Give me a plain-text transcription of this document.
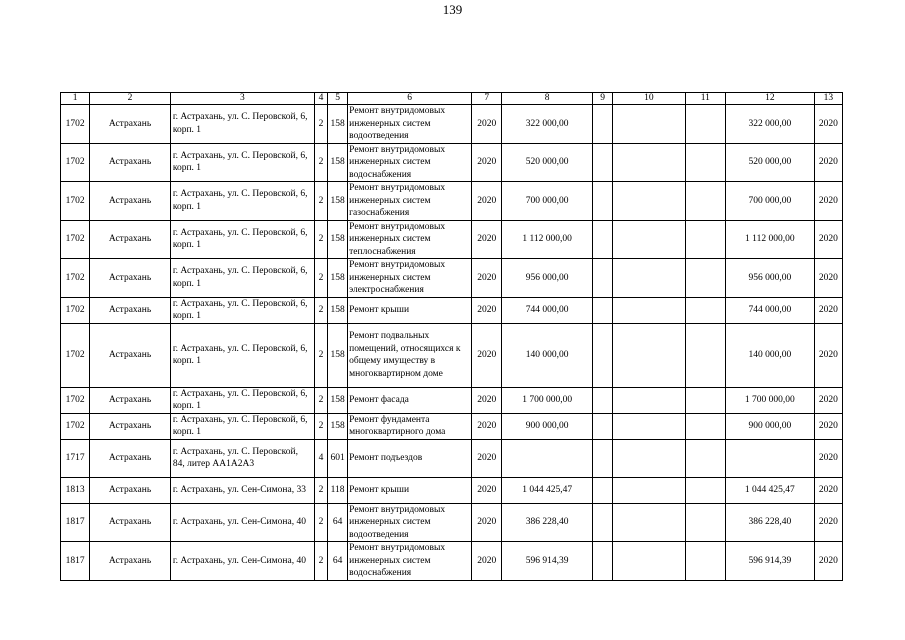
139
1	2	3	4	5	6	7	8	9	10	11	12	13
1702	Астрахань	г. Астрахань, ул. С. Перовской, 6, корп. 1	2	158	Ремонт внутридомовых инженерных систем водоотведения	2020	322 000,00				322 000,00	2020
1702	Астрахань	г. Астрахань, ул. С. Перовской, 6, корп. 1	2	158	Ремонт внутридомовых инженерных систем водоснабжения	2020	520 000,00				520 000,00	2020
1702	Астрахань	г. Астрахань, ул. С. Перовской, 6, корп. 1	2	158	Ремонт внутридомовых инженерных систем газоснабжения	2020	700 000,00				700 000,00	2020
1702	Астрахань	г. Астрахань, ул. С. Перовской, 6, корп. 1	2	158	Ремонт внутридомовых инженерных систем теплоснабжения	2020	1 112 000,00				1 112 000,00	2020
1702	Астрахань	г. Астрахань, ул. С. Перовской, 6, корп. 1	2	158	Ремонт внутридомовых инженерных систем электроснабжения	2020	956 000,00				956 000,00	2020
1702	Астрахань	г. Астрахань, ул. С. Перовской, 6, корп. 1	2	158	Ремонт крыши	2020	744 000,00				744 000,00	2020
1702	Астрахань	г. Астрахань, ул. С. Перовской, 6, корп. 1	2	158	Ремонт подвальных помещений, относящихся к общему имуществу в многоквартирном доме	2020	140 000,00				140 000,00	2020
1702	Астрахань	г. Астрахань, ул. С. Перовской, 6, корп. 1	2	158	Ремонт фасада	2020	1 700 000,00				1 700 000,00	2020
1702	Астрахань	г. Астрахань, ул. С. Перовской, 6, корп. 1	2	158	Ремонт фундамента многоквартирного дома	2020	900 000,00				900 000,00	2020
1717	Астрахань	г. Астрахань, ул. С. Перовской, 84, литер АА1А2А3	4	601	Ремонт подъездов	2020						2020
1813	Астрахань	г. Астрахань, ул. Сен-Симона, 33	2	118	Ремонт крыши	2020	1 044 425,47				1 044 425,47	2020
1817	Астрахань	г. Астрахань, ул. Сен-Симона, 40	2	64	Ремонт внутридомовых инженерных систем водоотведения	2020	386 228,40				386 228,40	2020
1817	Астрахань	г. Астрахань, ул. Сен-Симона, 40	2	64	Ремонт внутридомовых инженерных систем водоснабжения	2020	596 914,39				596 914,39	2020
